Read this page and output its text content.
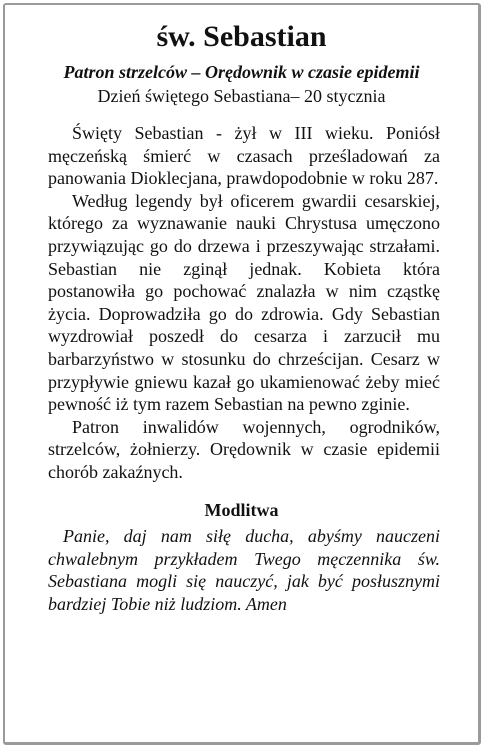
św. Sebastian
Patron strzelców – Orędownik w czasie epidemii
Dzień świętego Sebastiana– 20 stycznia

Święty Sebastian - żył w III wieku. Poniósł męczeńską śmierć w czasach prześladowań za panowania Dioklecjana, prawdopodobnie w roku 287.

Według legendy był oficerem gwardii cesarskiej, którego za wyznawanie nauki Chrystusa umęczono przywiązując go do drzewa i przeszywając strzałami. Sebastian nie zginął jednak. Kobieta która postanowiła go pochować znalazła w nim cząstkę życia. Doprowadziła go do zdrowia. Gdy Sebastian wyzdrowiał poszedł do cesarza i zarzucił mu barbarzyństwo w stosunku do chrześcijan. Cesarz w przypływie gniewu kazał go ukamienować żeby mieć pewność iż tym razem Sebastian na pewno zginie.

Patron inwalidów wojennych, ogrodników, strzelców, żołnierzy. Orędownik w czasie epidemii chorób zakaźnych.

Modlitwa

Panie, daj nam siłę ducha, abyśmy nauczeni chwalebnym przykładem Twego męczennika św. Sebastiana mogli się nauczyć, jak być posłusznymi bardziej Tobie niż ludziom. Amen
